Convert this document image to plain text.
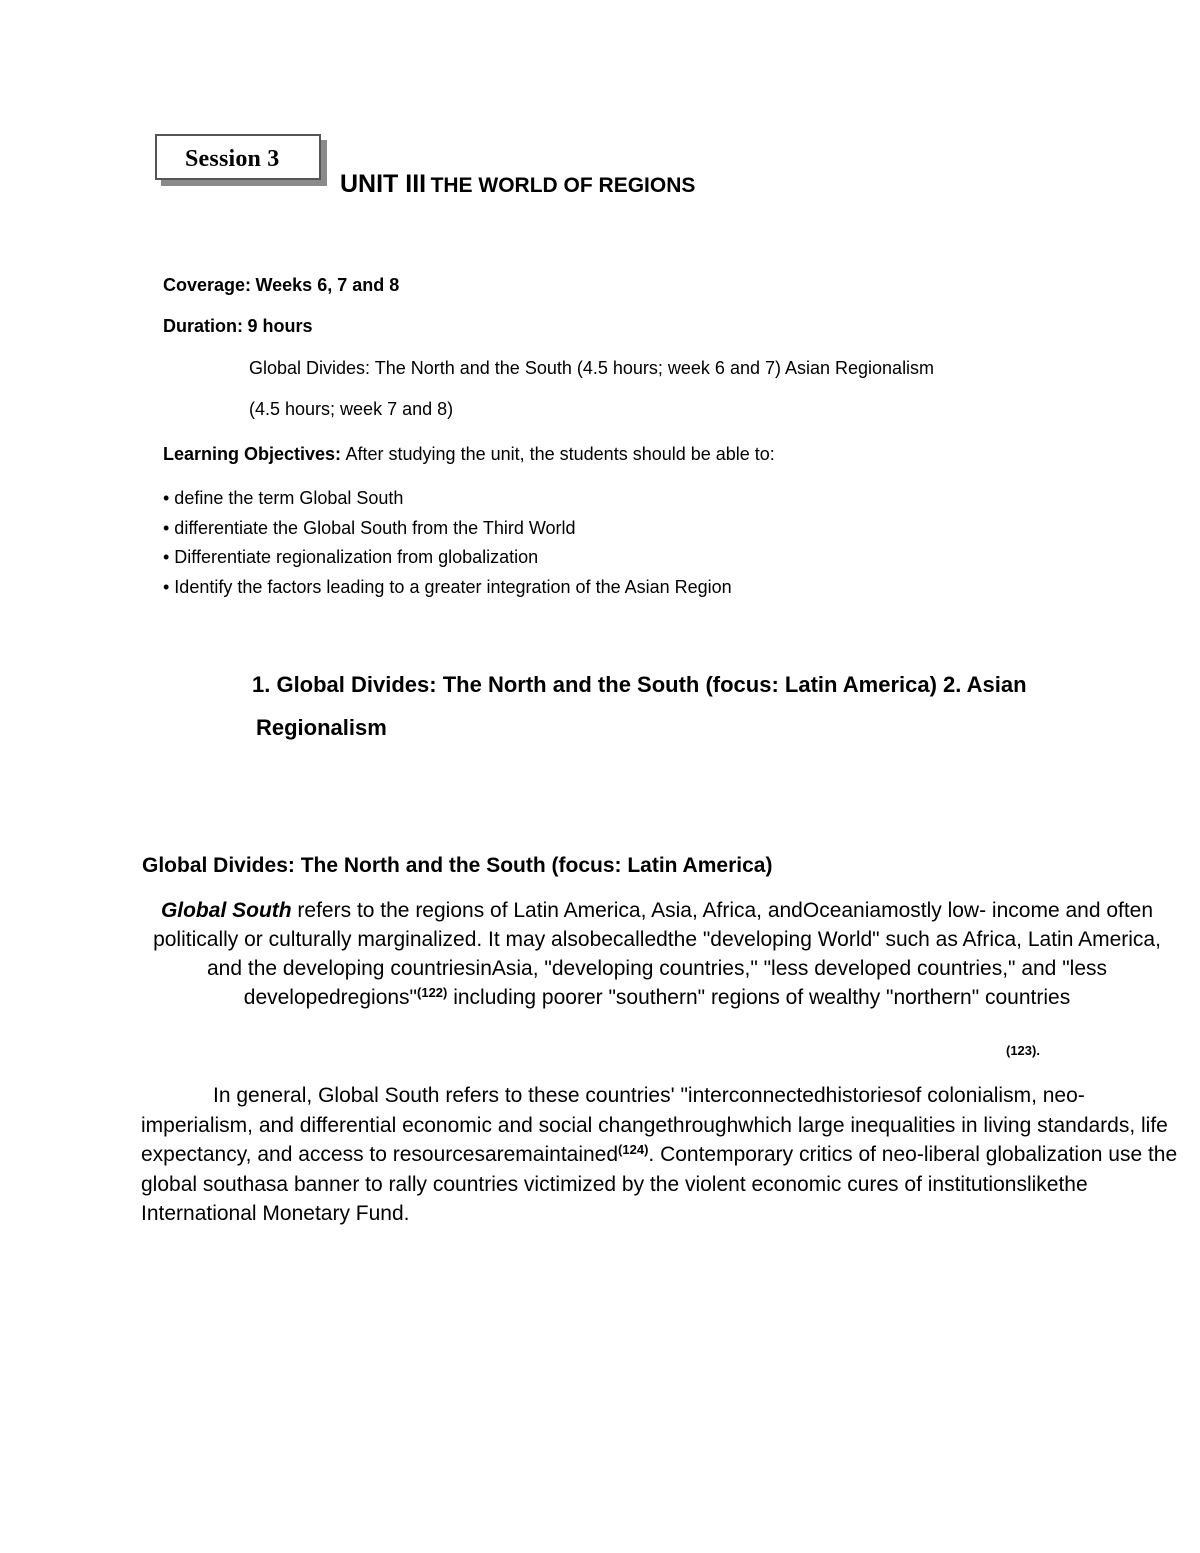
Session 3
UNIT III THE WORLD OF REGIONS
Coverage: Weeks 6, 7 and 8
Duration: 9 hours
Global Divides: The North and the South (4.5 hours; week 6 and 7) Asian Regionalism
(4.5 hours; week 7 and 8)
Learning Objectives: After studying the unit, the students should be able to:
• define the term Global South
• differentiate the Global South from the Third World
• Differentiate regionalization from globalization
• Identify the factors leading to a greater integration of the Asian Region
1. Global Divides: The North and the South (focus: Latin America) 2. Asian
Regionalism
Global Divides: The North and the South (focus: Latin America)
Global South refers to the regions of Latin America, Asia, Africa, andOceaniamostly low- income and often politically or culturally marginalized. It may alsobecalledthe "developing World" such as Africa, Latin America, and the developing countriesinAsia, "developing countries," "less developed countries," and "less developedregions"$^{(122)}$ including poorer "southern" regions of wealthy "northern" countries
(123).
In general, Global South refers to these countries' "interconnectedhistoriesof colonialism, neo-imperialism, and differential economic and social changethroughwhich large inequalities in living standards, life expectancy, and access to resourcesaremaintained$^{(124)}$. Contemporary critics of neo-liberal globalization use the global southasa banner to rally countries victimized by the violent economic cures of institutionslikethe International Monetary Fund.
